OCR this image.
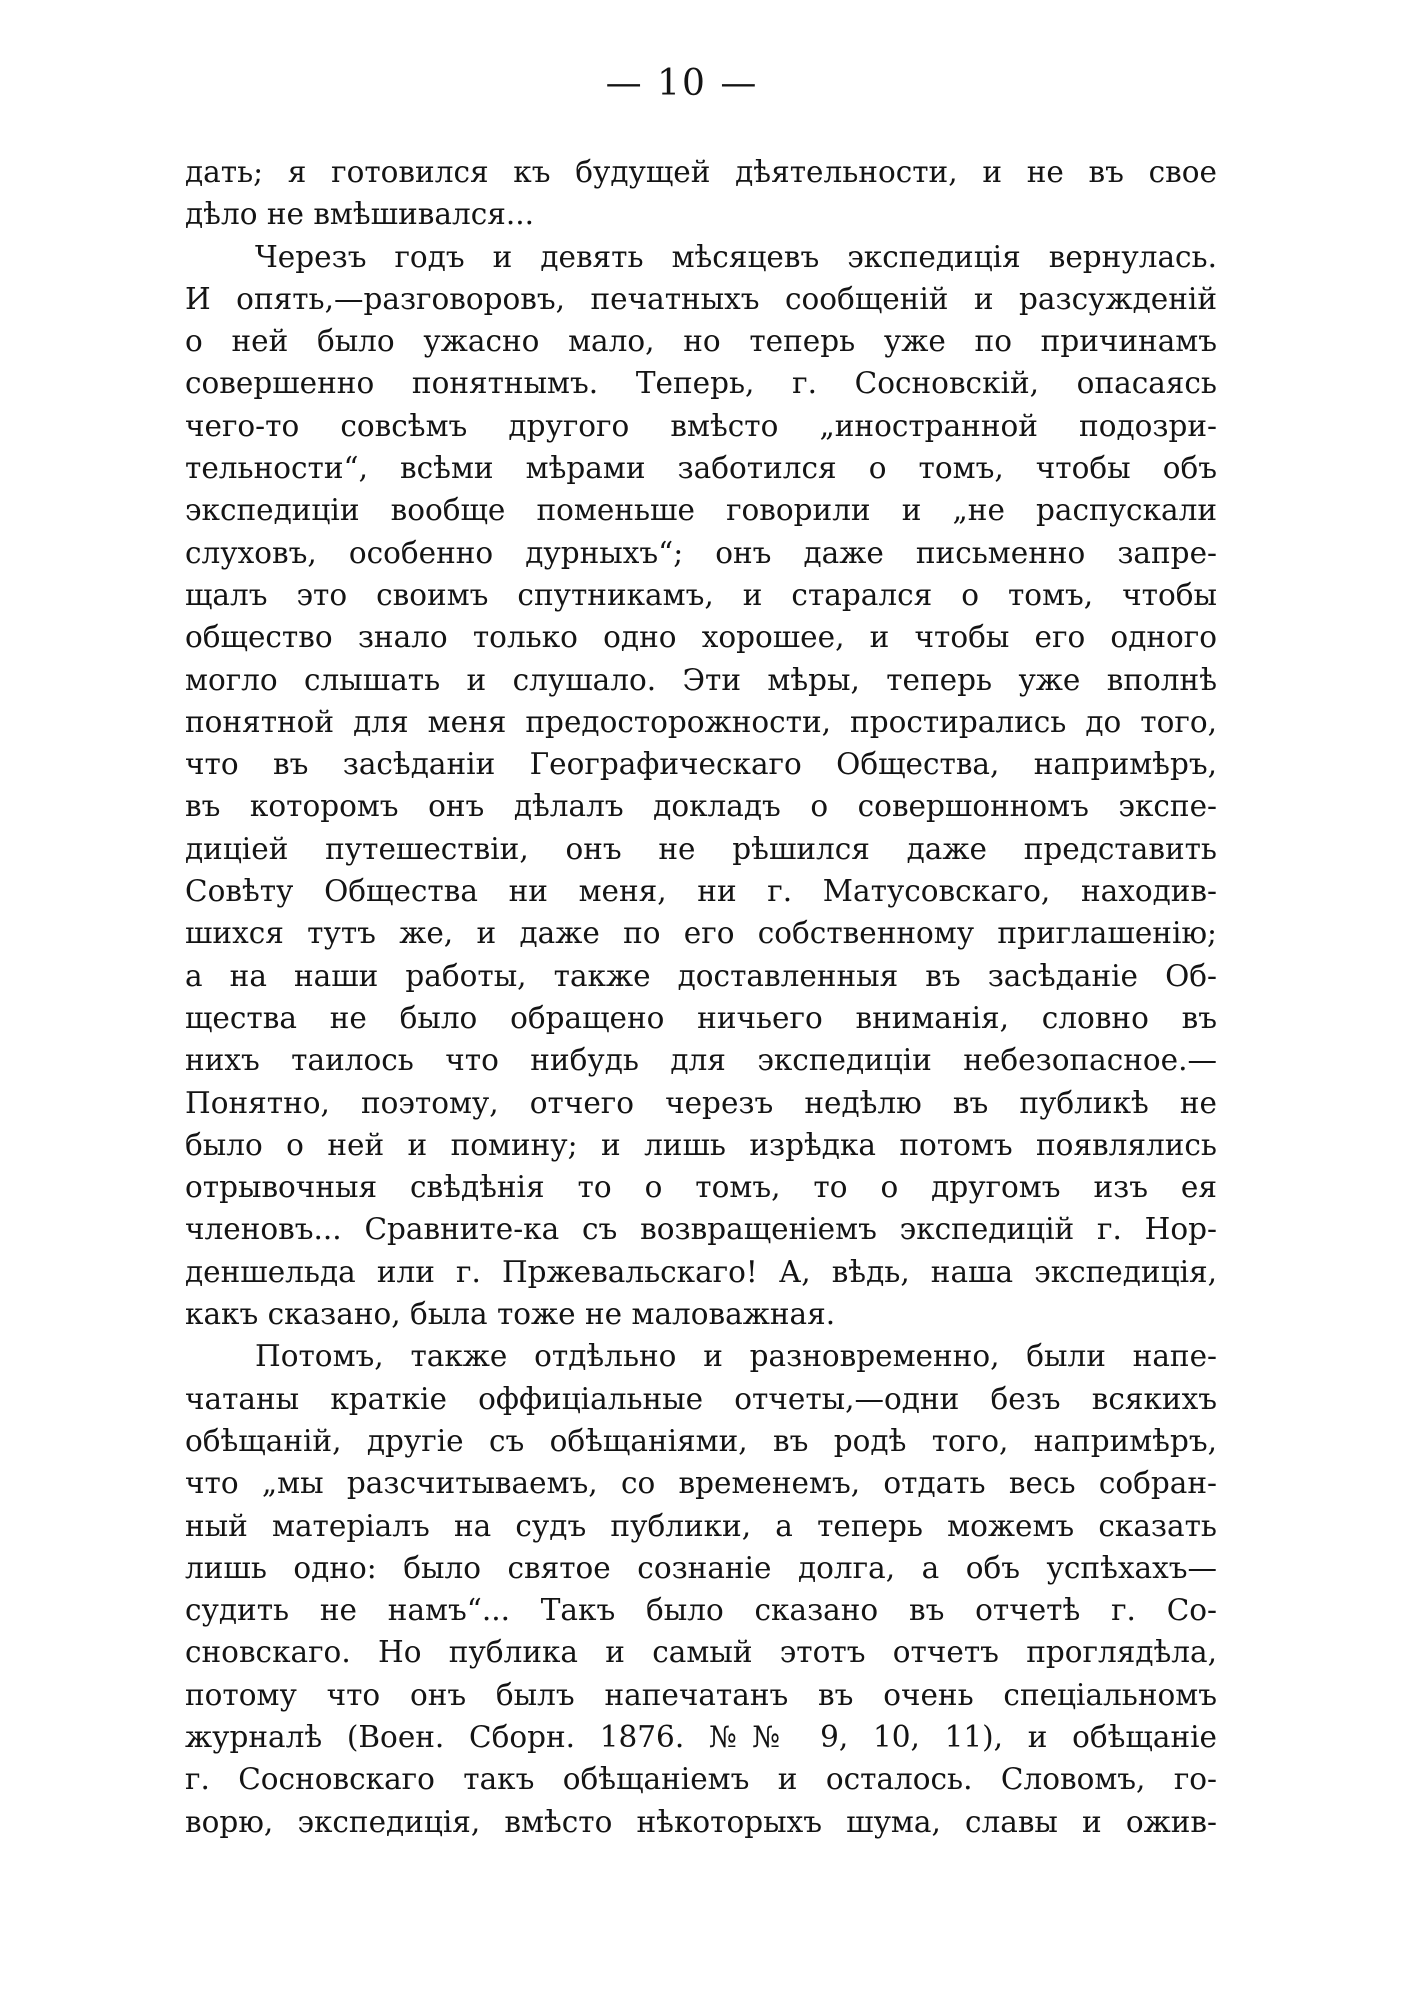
— 10 —
дать; я готовился къ будущей дѣятельности, и не въ свое
дѣло не вмѣшивался...
Черезъ годъ и девять мѣсяцевъ экспедиція вернулась.
И опять,—разговоровъ, печатныхъ сообщеній и разсужденій
о ней было ужасно мало, но теперь уже по причинамъ
совершенно понятнымъ. Теперь, г. Сосновскій, опасаясь
чего-то совсѣмъ другого вмѣсто „иностранной подозри-
тельности“, всѣми мѣрами заботился о томъ, чтобы объ
экспедиціи вообще поменьше говорили и „не распускали
слуховъ, особенно дурныхъ“; онъ даже письменно запре-
щалъ это своимъ спутникамъ, и старался о томъ, чтобы
общество знало только одно хорошее, и чтобы его одного
могло слышать и слушало. Эти мѣры, теперь уже вполнѣ
понятной для меня предосторожности, простирались до того,
что въ засѣданіи Географическаго Общества, напримѣръ,
въ которомъ онъ дѣлалъ докладъ о совершонномъ экспе-
диціей путешествіи, онъ не рѣшился даже представить
Совѣту Общества ни меня, ни г. Матусовскаго, находив-
шихся тутъ же, и даже по его собственному приглашенію;
а на наши работы, также доставленныя въ засѣданіе Об-
щества не было обращено ничьего вниманія, словно въ
нихъ таилось что нибудь для экспедиціи небезопасное.—
Понятно, поэтому, отчего черезъ недѣлю въ публикѣ не
было о ней и помину; и лишь изрѣдка потомъ появлялись
отрывочныя свѣдѣнія то о томъ, то о другомъ изъ ея
членовъ... Сравните-ка съ возвращеніемъ экспедицій г. Нор-
деншельда или г. Пржевальскаго! А, вѣдь, наша экспедиція,
какъ сказано, была тоже не маловажная.
Потомъ, также отдѣльно и разновременно, были напе-
чатаны краткіе оффиціальные отчеты,—одни безъ всякихъ
обѣщаній, другіе съ обѣщаніями, въ родѣ того, напримѣръ,
что „мы разсчитываемъ, со временемъ, отдать весь собран-
ный матеріалъ на судъ публики, а теперь можемъ сказать
лишь одно: было святое сознаніе долга, а объ успѣхахъ—
судить не намъ“... Такъ было сказано въ отчетѣ г. Со-
сновскаго. Но публика и самый этотъ отчетъ проглядѣла,
потому что онъ былъ напечатанъ въ очень спеціальномъ
журналѣ (Воен. Сборн. 1876. №№ 9, 10, 11), и обѣщаніе
г. Сосновскаго такъ обѣщаніемъ и осталось. Словомъ, го-
ворю, экспедиція, вмѣсто нѣкоторыхъ шума, славы и ожив-
